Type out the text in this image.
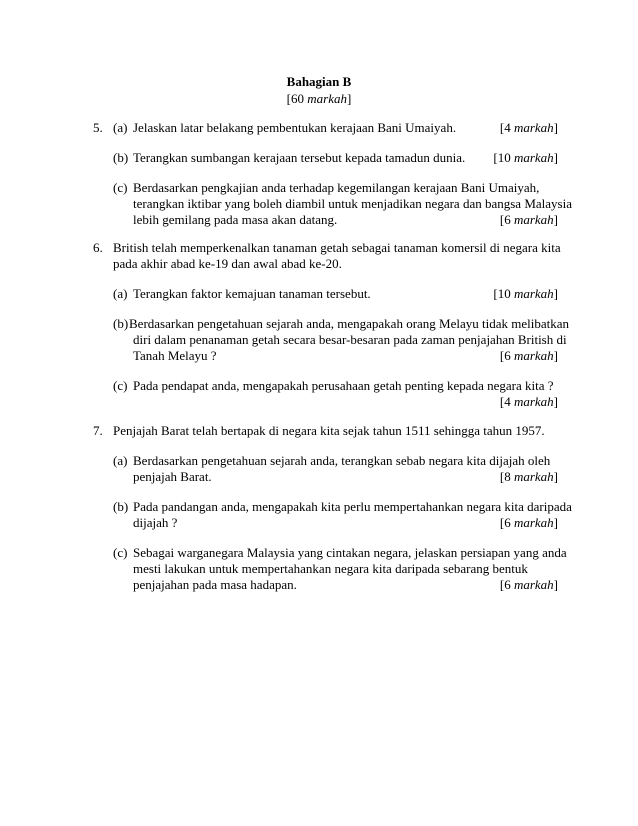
Bahagian B
[60 markah]
5. (a) Jelaskan latar belakang pembentukan kerajaan Bani Umaiyah.	[4 markah]
(b) Terangkan sumbangan kerajaan tersebut kepada tamadun dunia. [10 markah]
(c) Berdasarkan pengkajian anda terhadap kegemilangan kerajaan Bani Umaiyah,
terangkan iktibar yang boleh diambil untuk menjadikan negara dan bangsa Malaysia
lebih gemilang pada masa akan datang.	[6 markah]
6. British telah memperkenalkan tanaman getah sebagai tanaman komersil di negara kita
pada akhir abad ke-19 dan awal abad ke-20.
(a) Terangkan faktor kemajuan tanaman tersebut.	[10 markah]
(b) Berdasarkan pengetahuan sejarah anda, mengapakah orang Melayu tidak melibatkan
diri dalam penanaman getah secara besar-besaran pada zaman penjajahan British di
Tanah Melayu ?	[6 markah]
(c) Pada pendapat anda, mengapakah perusahaan getah penting kepada negara kita ?
[4 markah]
7. Penjajah Barat telah bertapak di negara kita sejak tahun 1511 sehingga tahun 1957.
(a) Berdasarkan pengetahuan sejarah anda, terangkan sebab negara kita dijajah oleh
penjajah Barat.	[8 markah]
(b) Pada pandangan anda, mengapakah kita perlu mempertahankan negara kita daripada
dijajah ?	[6 markah]
(c) Sebagai warganegara Malaysia yang cintakan negara, jelaskan persiapan yang anda
mesti lakukan untuk mempertahankan negara kita daripada sebarang bentuk
penjajahan pada masa hadapan.	[6 markah]
